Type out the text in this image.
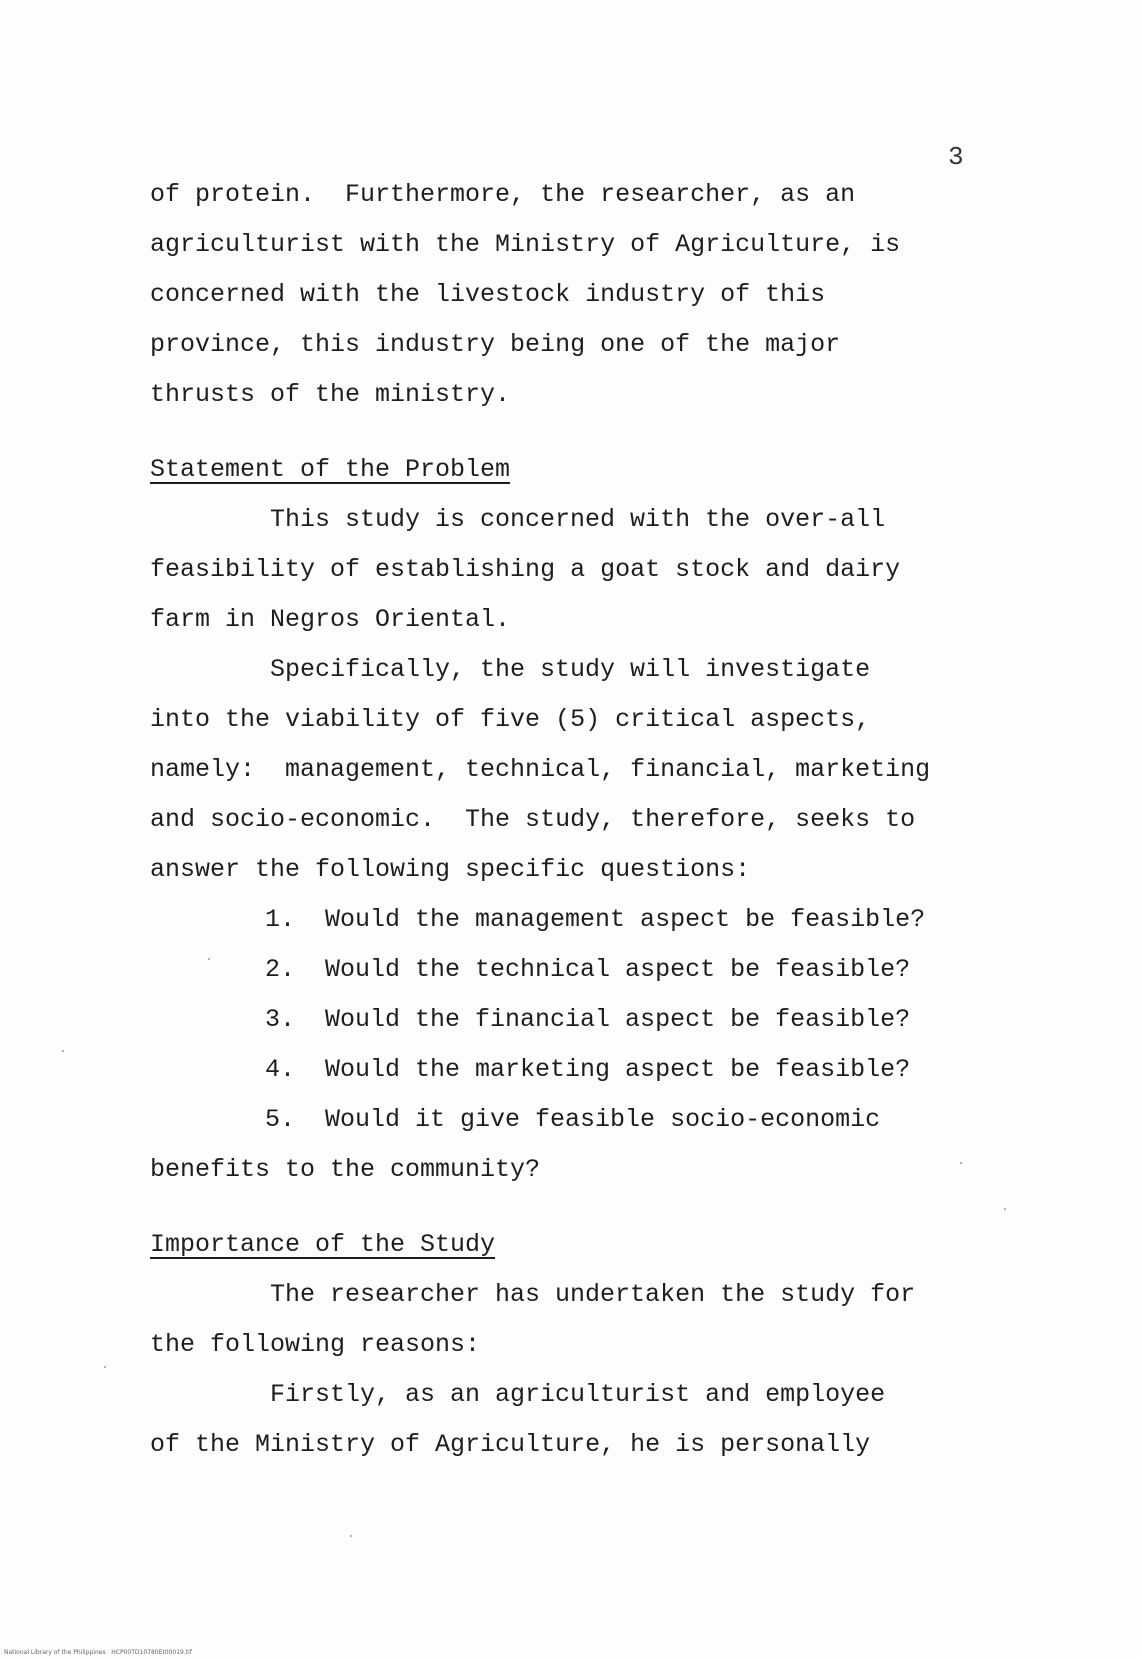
3

of protein.  Furthermore, the researcher, as an

agriculturist with the Ministry of Agriculture, is

concerned with the livestock industry of this

province, this industry being one of the major

thrusts of the ministry.

Statement of the Problem

This study is concerned with the over-all

feasibility of establishing a goat stock and dairy

farm in Negros Oriental.

Specifically, the study will investigate

into the viability of five (5) critical aspects,

namely:  management, technical, financial, marketing

and socio-economic.  The study, therefore, seeks to

answer the following specific questions:

1.  Would the management aspect be feasible?

2.  Would the technical aspect be feasible?

3.  Would the financial aspect be feasible?

4.  Would the marketing aspect be feasible?

5.  Would it give feasible socio-economic

benefits to the community?

Importance of the Study

The researcher has undertaken the study for

the following reasons:

Firstly, as an agriculturist and employee

of the Ministry of Agriculture, he is personally

National Library of the Philippines   HCP00TD10780Et00019.tif
